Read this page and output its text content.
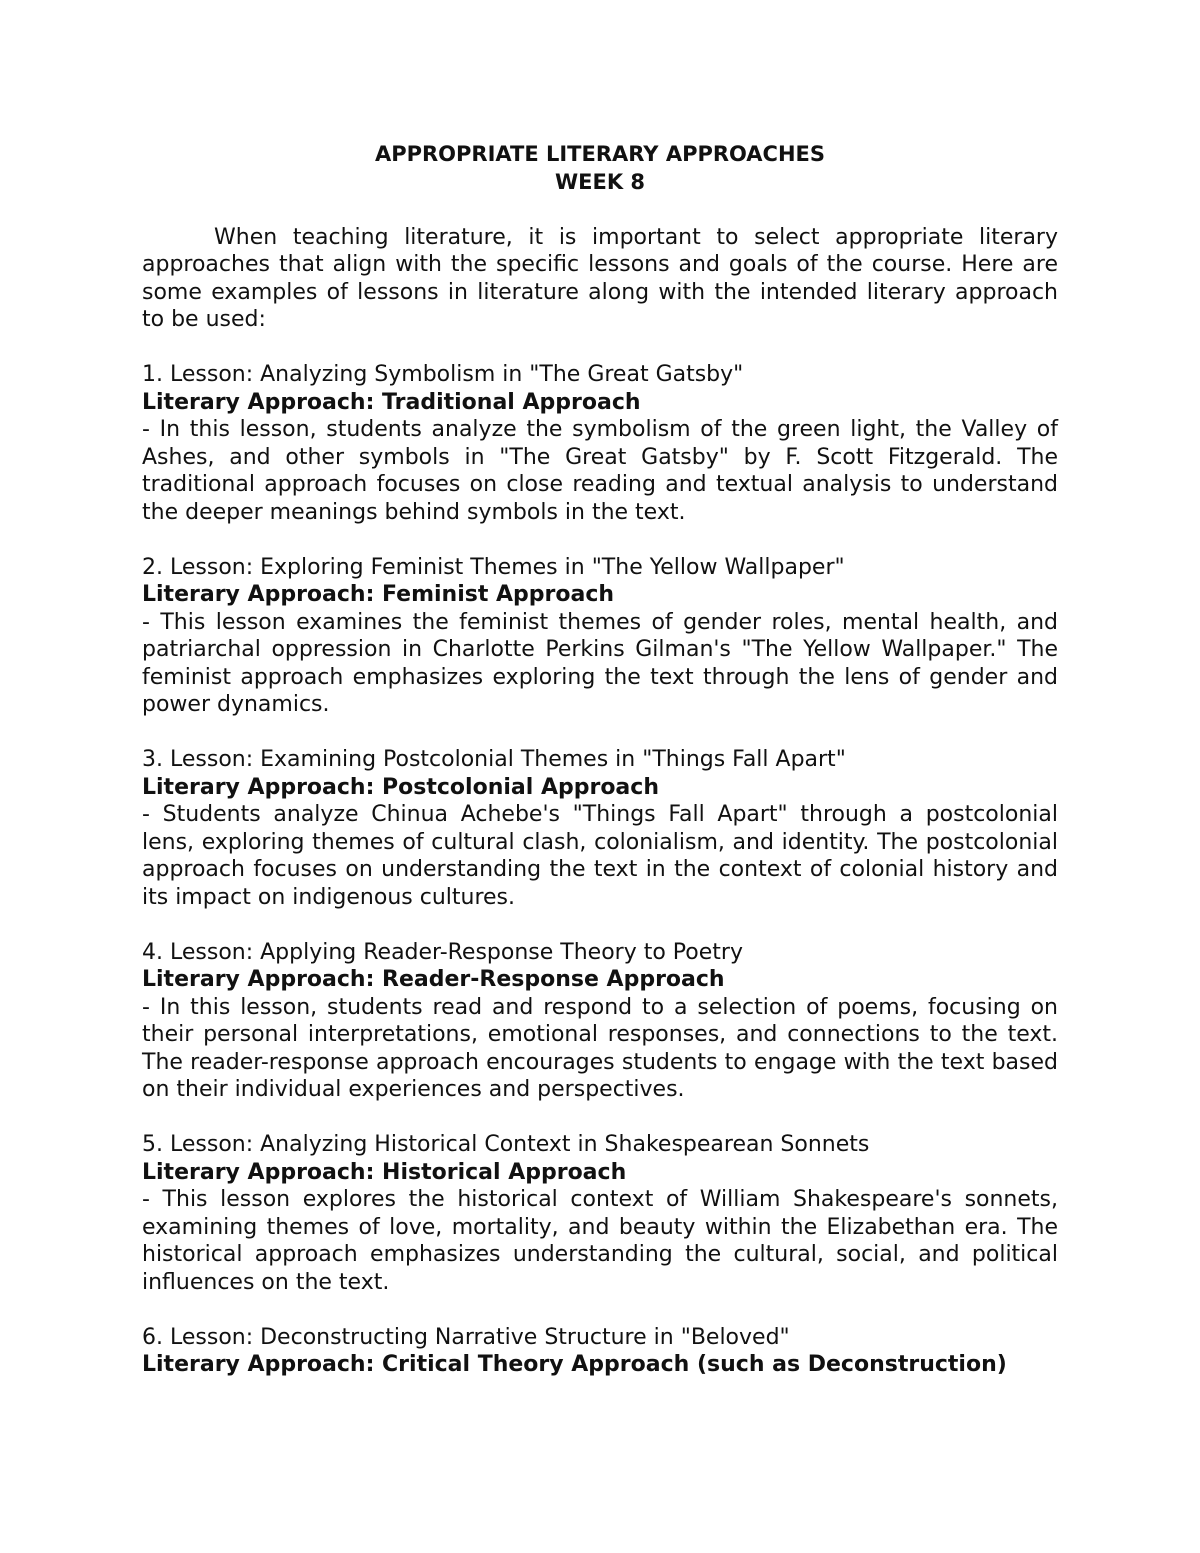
APPROPRIATE LITERARY APPROACHES

WEEK 8

When teaching literature, it is important to select appropriate literary approaches that align with the specific lessons and goals of the course. Here are some examples of lessons in literature along with the intended literary approach to be used:

1. Lesson: Analyzing Symbolism in "The Great Gatsby"

Literary Approach: Traditional Approach

- In this lesson, students analyze the symbolism of the green light, the Valley of Ashes, and other symbols in "The Great Gatsby" by F. Scott Fitzgerald. The traditional approach focuses on close reading and textual analysis to understand the deeper meanings behind symbols in the text.

2. Lesson: Exploring Feminist Themes in "The Yellow Wallpaper"

Literary Approach: Feminist Approach

- This lesson examines the feminist themes of gender roles, mental health, and patriarchal oppression in Charlotte Perkins Gilman's "The Yellow Wallpaper." The feminist approach emphasizes exploring the text through the lens of gender and power dynamics.

3. Lesson: Examining Postcolonial Themes in "Things Fall Apart"

Literary Approach: Postcolonial Approach

- Students analyze Chinua Achebe's "Things Fall Apart" through a postcolonial lens, exploring themes of cultural clash, colonialism, and identity. The postcolonial approach focuses on understanding the text in the context of colonial history and its impact on indigenous cultures.

4. Lesson: Applying Reader-Response Theory to Poetry

Literary Approach: Reader-Response Approach

- In this lesson, students read and respond to a selection of poems, focusing on their personal interpretations, emotional responses, and connections to the text. The reader-response approach encourages students to engage with the text based on their individual experiences and perspectives.

5. Lesson: Analyzing Historical Context in Shakespearean Sonnets

Literary Approach: Historical Approach

- This lesson explores the historical context of William Shakespeare's sonnets, examining themes of love, mortality, and beauty within the Elizabethan era. The historical approach emphasizes understanding the cultural, social, and political influences on the text.

6. Lesson: Deconstructing Narrative Structure in "Beloved"

Literary Approach: Critical Theory Approach (such as Deconstruction)
